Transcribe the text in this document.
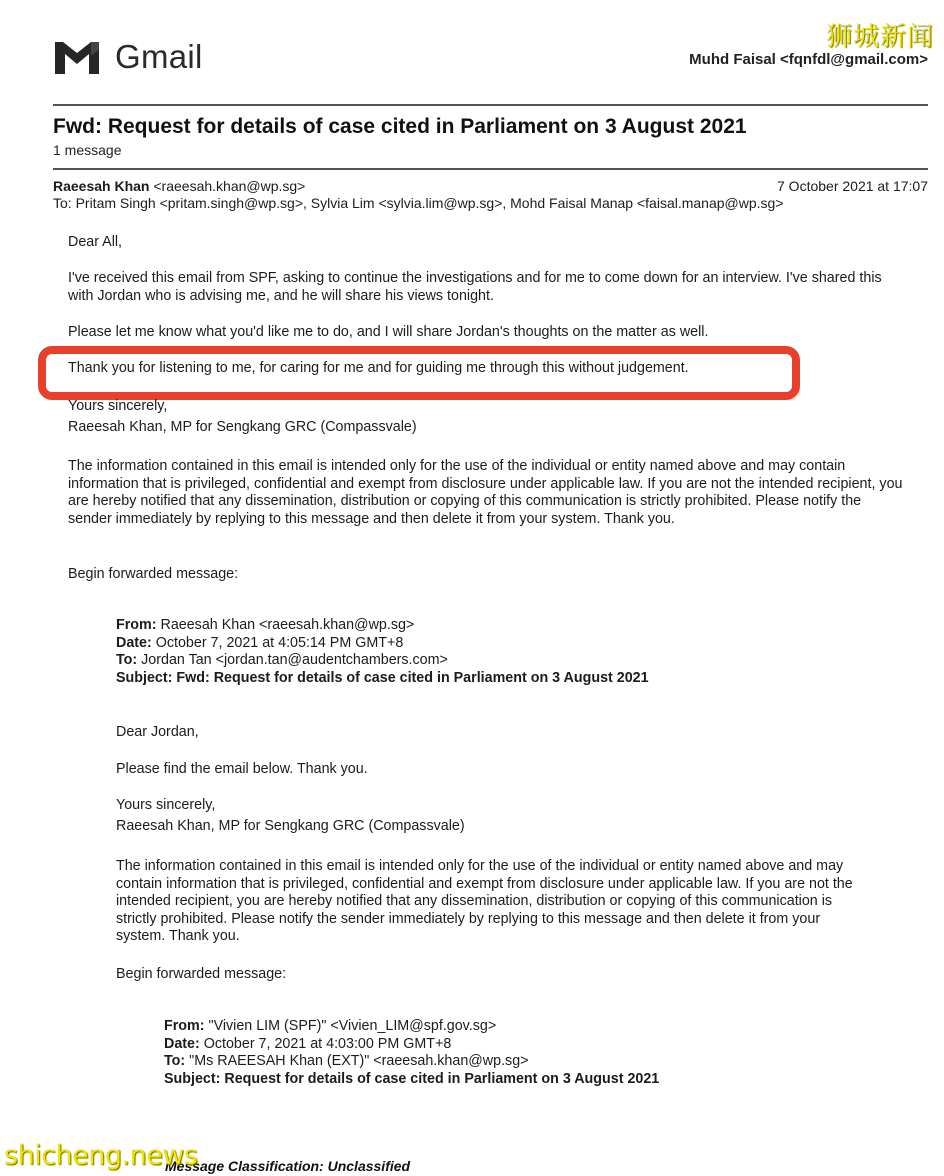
Gmail
狮城新闻
Muhd Faisal <fqnfdl@gmail.com>
Fwd: Request for details of case cited in Parliament on 3 August 2021
1 message
Raeesah Khan <raeesah.khan@wp.sg>	7 October 2021 at 17:07
To: Pritam Singh <pritam.singh@wp.sg>, Sylvia Lim <sylvia.lim@wp.sg>, Mohd Faisal Manap <faisal.manap@wp.sg>
Dear All,
I've received this email from SPF, asking to continue the investigations and for me to come down for an interview. I've shared this with Jordan who is advising me, and he will share his views tonight.
Please let me know what you'd like me to do, and I will share Jordan's thoughts on the matter as well.
Thank you for listening to me, for caring for me and for guiding me through this without judgement.
Yours sincerely,
Raeesah Khan, MP for Sengkang GRC (Compassvale)
The information contained in this email is intended only for the use of the individual or entity named above and may contain information that is privileged, confidential and exempt from disclosure under applicable law. If you are not the intended recipient, you are hereby notified that any dissemination, distribution or copying of this communication is strictly prohibited. Please notify the sender immediately by replying to this message and then delete it from your system. Thank you.
Begin forwarded message:
From: Raeesah Khan <raeesah.khan@wp.sg>
Date: October 7, 2021 at 4:05:14 PM GMT+8
To: Jordan Tan <jordan.tan@audentchambers.com>
Subject: Fwd: Request for details of case cited in Parliament on 3 August 2021
Dear Jordan,
Please find the email below. Thank you.
Yours sincerely,
Raeesah Khan, MP for Sengkang GRC (Compassvale)
The information contained in this email is intended only for the use of the individual or entity named above and may contain information that is privileged, confidential and exempt from disclosure under applicable law. If you are not the intended recipient, you are hereby notified that any dissemination, distribution or copying of this communication is strictly prohibited. Please notify the sender immediately by replying to this message and then delete it from your system. Thank you.
Begin forwarded message:
From: "Vivien LIM (SPF)" <Vivien_LIM@spf.gov.sg>
Date: October 7, 2021 at 4:03:00 PM GMT+8
To: "Ms RAEESAH Khan (EXT)" <raeesah.khan@wp.sg>
Subject: Request for details of case cited in Parliament on 3 August 2021
Message Classification: Unclassified
shicheng.news
